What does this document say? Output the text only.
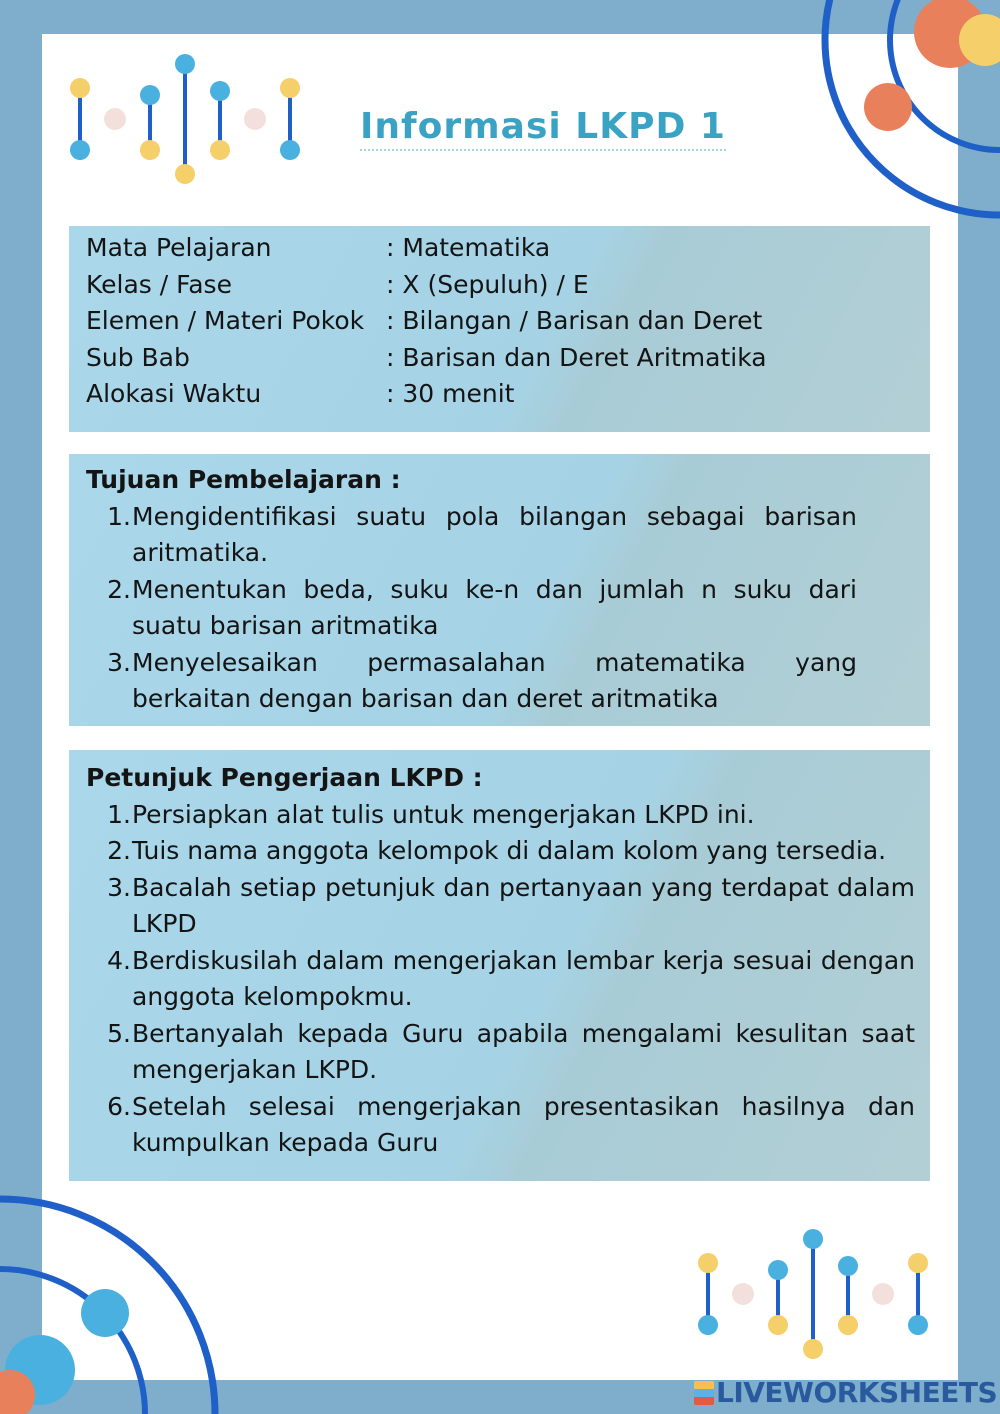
Informasi LKPD 1
Mata Pelajaran	: Matematika
Kelas / Fase	: X (Sepuluh) / E
Elemen / Materi Pokok : Bilangan / Barisan dan Deret
Sub Bab	: Barisan dan Deret Aritmatika
Alokasi Waktu	: 30 menit
Tujuan Pembelajaran :
1. Mengidentifikasi suatu pola bilangan sebagai barisan aritmatika.
2. Menentukan beda, suku ke-n dan jumlah n suku dari suatu barisan aritmatika
3. Menyelesaikan permasalahan matematika yang berkaitan dengan barisan dan deret aritmatika
Petunjuk Pengerjaan LKPD :
1. Persiapkan alat tulis untuk mengerjakan LKPD ini.
2. Tuis nama anggota kelompok di dalam kolom yang tersedia.
3. Bacalah setiap petunjuk dan pertanyaan yang terdapat dalam LKPD
4. Berdiskusilah dalam mengerjakan lembar kerja sesuai dengan anggota kelompokmu.
5. Bertanyalah kepada Guru apabila mengalami kesulitan saat mengerjakan LKPD.
6. Setelah selesai mengerjakan presentasikan hasilnya dan kumpulkan kepada Guru
LIVEWORKSHEETS
